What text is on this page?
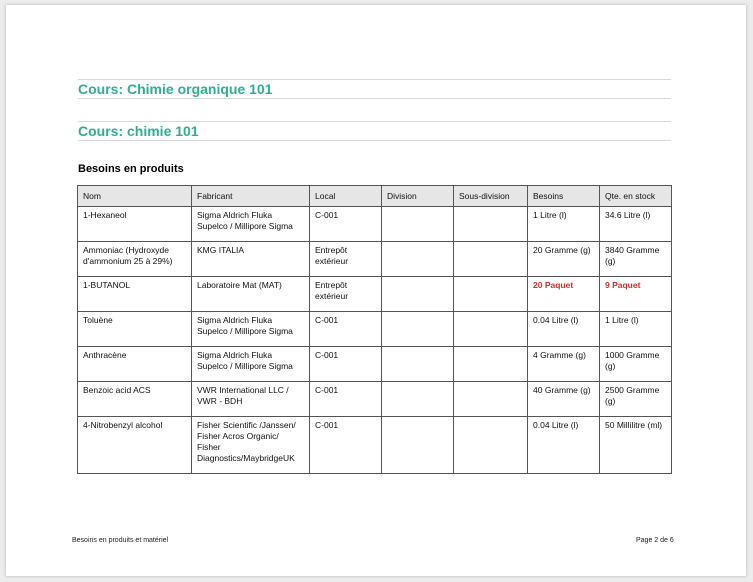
Cours: Chimie organique 101
Cours: chimie 101
Besoins en produits
Nom	Fabricant	Local	Division	Sous-division	Besoins	Qte. en stock
1-Hexaneol	Sigma Aldrich Fluka Supelco / Millipore Sigma	C-001			1 Litre (l)	34.6 Litre (l)
Ammoniac (Hydroxyde d'ammonium 25 à 29%)	KMG ITALIA	Entrepôt extérieur			20 Gramme (g)	3840 Gramme (g)
1-BUTANOL	Laboratoire Mat (MAT)	Entrepôt extérieur			20 Paquet	9 Paquet
Toluène	Sigma Aldrich Fluka Supelco / Millipore Sigma	C-001			0.04 Litre (l)	1 Litre (l)
Anthracène	Sigma Aldrich Fluka Supelco / Millipore Sigma	C-001			4 Gramme (g)	1000 Gramme (g)
Benzoic acid ACS	VWR International LLC / VWR - BDH	C-001			40 Gramme (g)	2500 Gramme (g)
4-Nitrobenzyl alcohol	Fisher Scientific /Janssen/ Fisher Acros Organic/ Fisher Diagnostics/MaybridgeUK	C-001			0.04 Litre (l)	50 Millilitre (ml)
Besoins en produits et matériel	Page 2 de 6
